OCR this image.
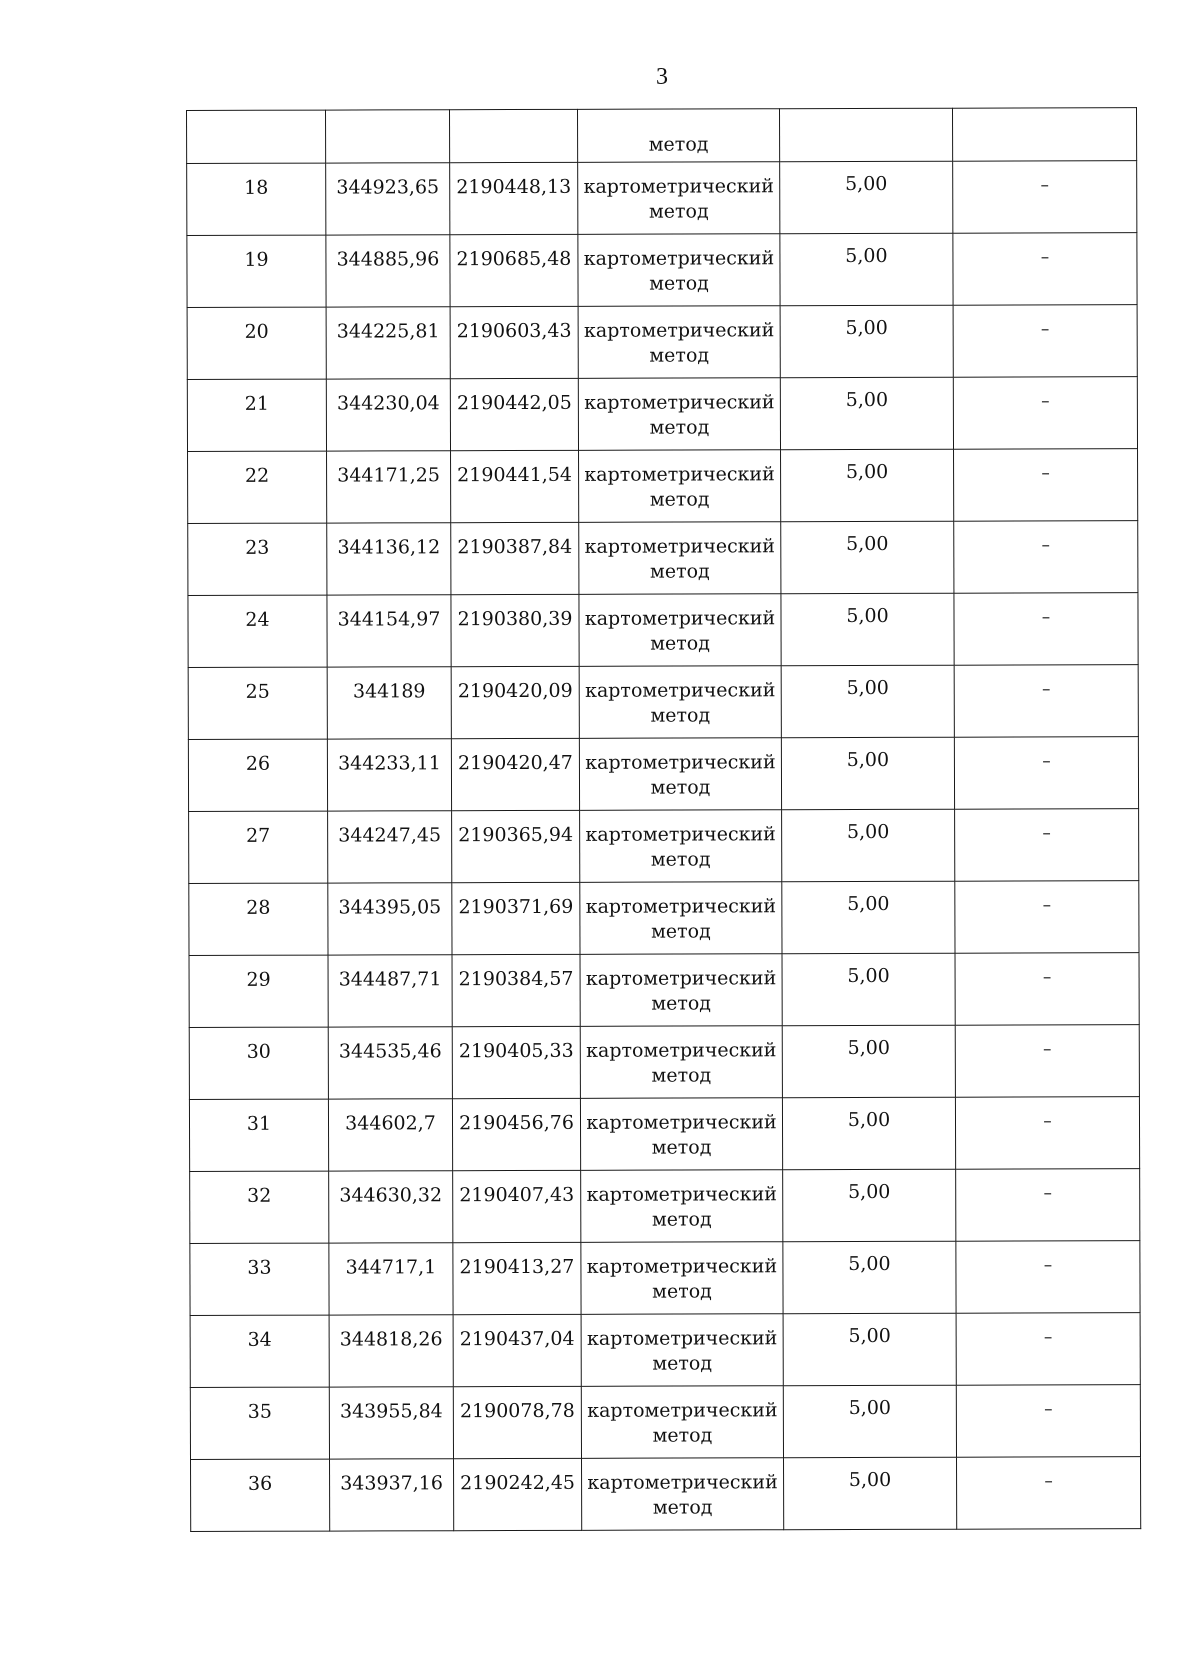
3

			метод		

18	344923,65	2190448,13	картометрический
метод	5,00	–

19	344885,96	2190685,48	картометрический
метод	5,00	–

20	344225,81	2190603,43	картометрический
метод	5,00	–

21	344230,04	2190442,05	картометрический
метод	5,00	–

22	344171,25	2190441,54	картометрический
метод	5,00	–

23	344136,12	2190387,84	картометрический
метод	5,00	–

24	344154,97	2190380,39	картометрический
метод	5,00	–

25	344189	2190420,09	картометрический
метод	5,00	–

26	344233,11	2190420,47	картометрический
метод	5,00	–

27	344247,45	2190365,94	картометрический
метод	5,00	–

28	344395,05	2190371,69	картометрический
метод	5,00	–

29	344487,71	2190384,57	картометрический
метод	5,00	–

30	344535,46	2190405,33	картометрический
метод	5,00	–

31	344602,7	2190456,76	картометрический
метод	5,00	–

32	344630,32	2190407,43	картометрический
метод	5,00	–

33	344717,1	2190413,27	картометрический
метод	5,00	–

34	344818,26	2190437,04	картометрический
метод	5,00	–

35	343955,84	2190078,78	картометрический
метод	5,00	–

36	343937,16	2190242,45	картометрический
метод	5,00	–
